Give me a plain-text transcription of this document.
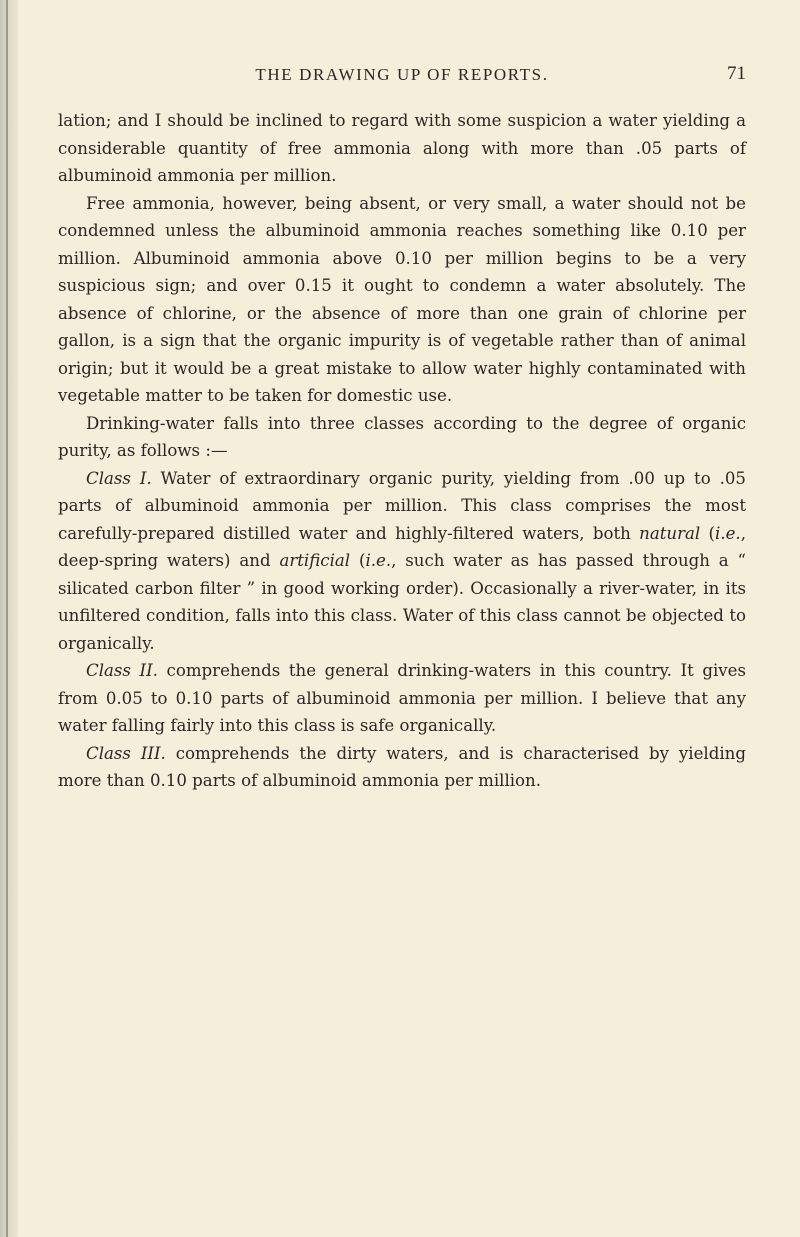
THE DRAWING UP OF REPORTS.	71

lation; and I should be inclined to regard with some suspicion a water yielding a considerable quantity of free ammonia along with more than .05 parts of albuminoid ammonia per million.

Free ammonia, however, being absent, or very small, a water should not be condemned unless the albuminoid ammonia reaches something like 0.10 per million. Albuminoid ammonia above 0.10 per million begins to be a very suspicious sign; and over 0.15 it ought to condemn a water absolutely. The absence of chlorine, or the absence of more than one grain of chlorine per gallon, is a sign that the organic impurity is of vegetable rather than of animal origin; but it would be a great mistake to allow water highly contaminated with vegetable matter to be taken for domestic use.

Drinking-water falls into three classes according to the degree of organic purity, as follows :—

Class I. Water of extraordinary organic purity, yielding from .00 up to .05 parts of albuminoid ammonia per million. This class comprises the most carefully-prepared distilled water and highly-filtered waters, both natural (i.e., deep-spring waters) and artificial (i.e., such water as has passed through a “ silicated carbon filter ” in good working order). Occasionally a river-water, in its unfiltered condition, falls into this class. Water of this class cannot be objected to organically.

Class II. comprehends the general drinking-waters in this country. It gives from 0.05 to 0.10 parts of albuminoid ammonia per million. I believe that any water falling fairly into this class is safe organically.

Class III. comprehends the dirty waters, and is characterised by yielding more than 0.10 parts of albuminoid ammonia per million.
